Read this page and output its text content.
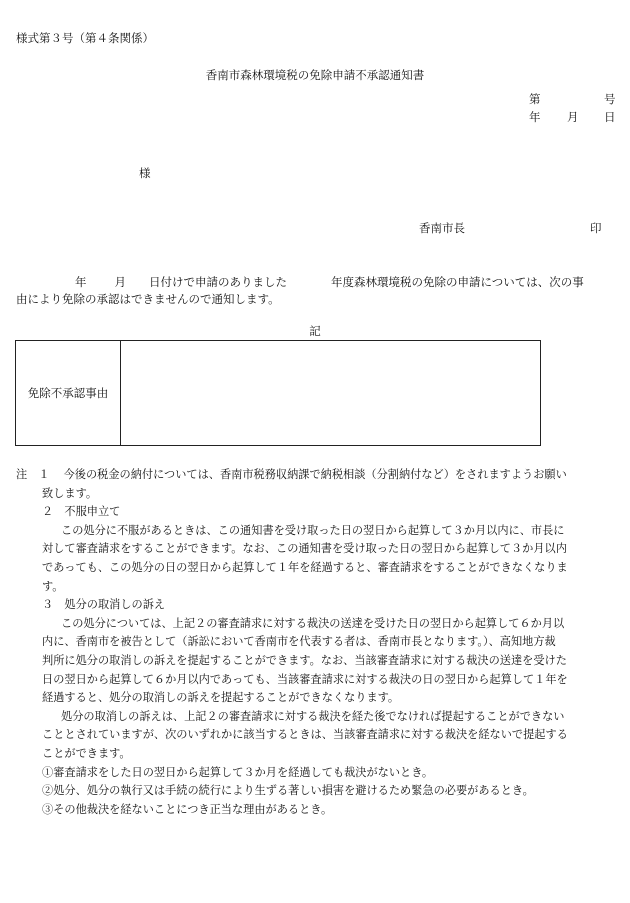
様式第３号（第４条関係）
香南市森林環境税の免除申請不承認通知書
第	号
年 月 日
様
香南市長	印
年 月 日付けで申請のありました	年度森林環境税の免除の申請については、次の事
由により免除の承認はできませんので通知します。
記
免除不承認事由	
注　１ 今後の税金の納付については、香南市税務収納課で納税相談（分割納付など）をされますようお願い
致します。
２　不服申立て
この処分に不服があるときは、この通知書を受け取った日の翌日から起算して３か月以内に、市長に
対して審査請求をすることができます。なお、この通知書を受け取った日の翌日から起算して３か月以内
であっても、この処分の日の翌日から起算して１年を経過すると、審査請求をすることができなくなりま
す。
３　処分の取消しの訴え
この処分については、上記２の審査請求に対する裁決の送達を受けた日の翌日から起算して６か月以
内に、香南市を被告として（訴訟において香南市を代表する者は、香南市長となります。）、高知地方裁
判所に処分の取消しの訴えを提起することができます。なお、当該審査請求に対する裁決の送達を受けた
日の翌日から起算して６か月以内であっても、当該審査請求に対する裁決の日の翌日から起算して１年を
経過すると、処分の取消しの訴えを提起することができなくなります。
処分の取消しの訴えは、上記２の審査請求に対する裁決を経た後でなければ提起することができない
こととされていますが、次のいずれかに該当するときは、当該審査請求に対する裁決を経ないで提起する
ことができます。
①審査請求をした日の翌日から起算して３か月を経過しても裁決がないとき。
②処分、処分の執行又は手続の続行により生ずる著しい損害を避けるため緊急の必要があるとき。
③その他裁決を経ないことにつき正当な理由があるとき。
